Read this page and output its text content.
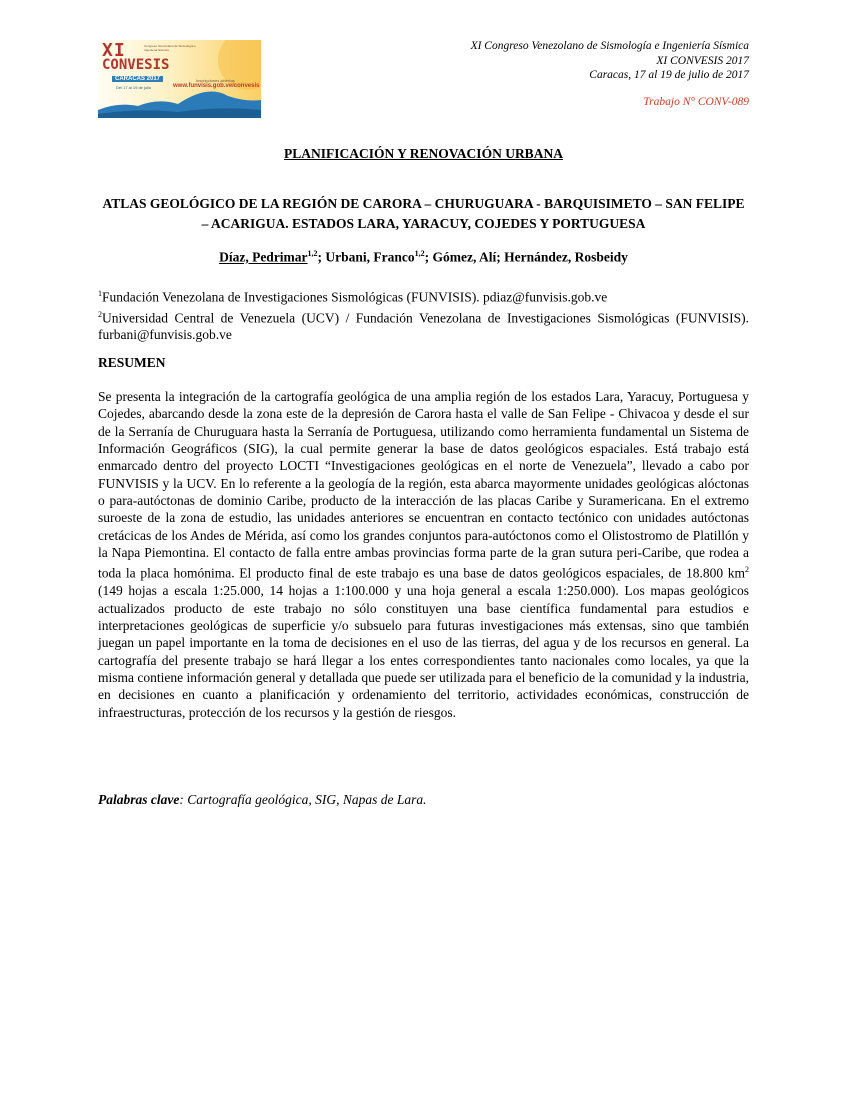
XI
CONVESIS
Congreso Venezolano de Sismología e Ingeniería Sísmica
CARACAS 2017
Del 17 al 19 de julio
Inscripciones abiertas
www.funvisis.gob.ve/convesis
XI Congreso Venezolano de Sismología e Ingeniería Sísmica
XI CONVESIS 2017
Caracas, 17 al 19 de julio de 2017
Trabajo N° CONV-089
PLANIFICACIÓN Y RENOVACIÓN URBANA
ATLAS GEOLÓGICO DE LA REGIÓN DE CARORA – CHURUGUARA - BARQUISIMETO – SAN FELIPE – ACARIGUA. ESTADOS LARA, YARACUY, COJEDES Y PORTUGUESA
Díaz, Pedrimar$^{1,2}$; Urbani, Franco$^{1,2}$; Gómez, Alí; Hernández, Rosbeidy

$^1$Fundación Venezolana de Investigaciones Sismológicas (FUNVISIS). pdiaz@funvisis.gob.ve

$^2$Universidad Central de Venezuela (UCV) / Fundación Venezolana de Investigaciones Sismológicas (FUNVISIS). furbani@funvisis.gob.ve

RESUMEN

Se presenta la integración de la cartografía geológica de una amplia región de los estados Lara, Yaracuy, Portuguesa y Cojedes, abarcando desde la zona este de la depresión de Carora hasta el valle de San Felipe - Chivacoa y desde el sur de la Serranía de Churuguara hasta la Serranía de Portuguesa, utilizando como herramienta fundamental un Sistema de Información Geográficos (SIG), la cual permite generar la base de datos geológicos espaciales. Está trabajo está enmarcado dentro del proyecto LOCTI “Investigaciones geológicas en el norte de Venezuela”, llevado a cabo por FUNVISIS y la UCV. En lo referente a la geología de la región, esta abarca mayormente unidades geológicas alóctonas o para-autóctonas de dominio Caribe, producto de la interacción de las placas Caribe y Suramericana. En el extremo suroeste de la zona de estudio, las unidades anteriores se encuentran en contacto tectónico con unidades autóctonas cretácicas de los Andes de Mérida, así como los grandes conjuntos para-autóctonos como el Olistostromo de Platillón y la Napa Piemontina. El contacto de falla entre ambas provincias forma parte de la gran sutura peri-Caribe, que rodea a toda la placa homónima. El producto final de este trabajo es una base de datos geológicos espaciales, de 18.800 $km^2$ (149 hojas a escala 1:25.000, 14 hojas a 1:100.000 y una hoja general a escala 1:250.000). Los mapas geológicos actualizados producto de este trabajo no sólo constituyen una base científica fundamental para estudios e interpretaciones geológicas de superficie y/o subsuelo para futuras investigaciones más extensas, sino que también juegan un papel importante en la toma de decisiones en el uso de las tierras, del agua y de los recursos en general. La cartografía del presente trabajo se hará llegar a los entes correspondientes tanto nacionales como locales, ya que la misma contiene información general y detallada que puede ser utilizada para el beneficio de la comunidad y la industria, en decisiones en cuanto a planificación y ordenamiento del territorio, actividades económicas, construcción de infraestructuras, protección de los recursos y la gestión de riesgos.

Palabras clave: Cartografía geológica, SIG, Napas de Lara.
